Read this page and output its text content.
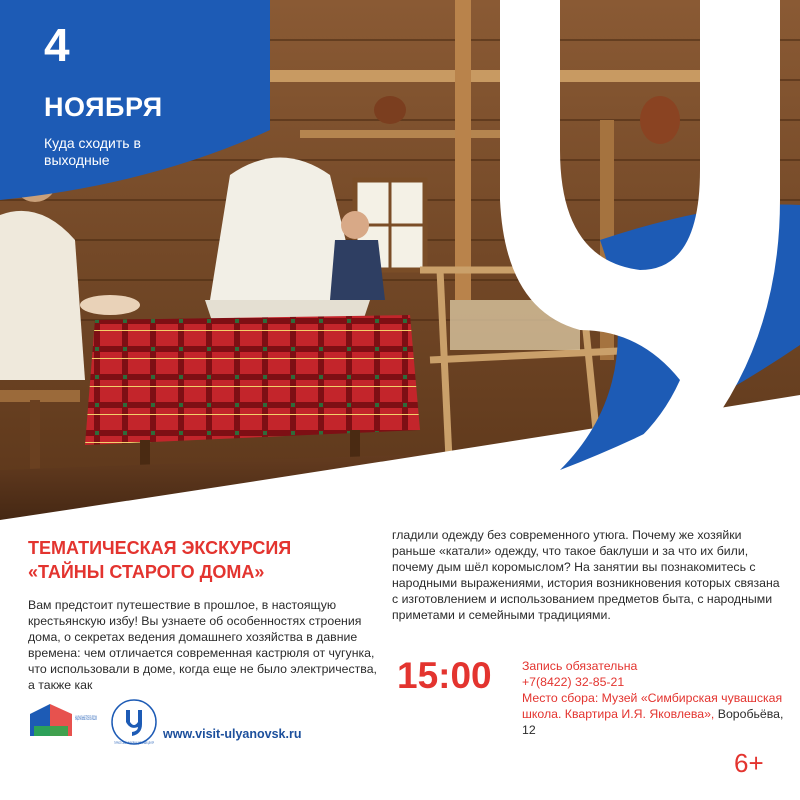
4
НОЯБРЯ
Куда сходить в выходные
ТЕМАТИЧЕСКАЯ ЭКСКУРСИЯ
«ТАЙНЫ СТАРОГО ДОМА»
Вам предстоит путешествие в прошлое, в настоящую крестьянскую избу! Вы узнаете об особенностях строения дома, о секретах ведения домашнего хозяйства в давние времена: чем отличается современная кастрюля от чугунка, что использовали в доме, когда еще не было электричества, а также как
гладили одежду без современного утюга. Почему же хозяйки раньше «катали» одежду, что такое баклуши и за что их били, почему дым шёл коромыслом? На занятии вы познакомитесь с народными выражениями, история возникновения которых связана с изготовлением и использованием предметов быта, с народными приметами и семейными традициями.
15:00 Запись обязательна
+7(8422) 32-85-21
Место сбора: Музей «Симбирская чувашская школа. Квартира И.Я. Яковлева», Воробьёва, 12
НАЦИОНАЛЬНЫЕ ПРОЕКТЫ РОССИИ
ТУРИСТСКИЙ ИНФОРМАЦИОННЫЙ ЦЕНТР
www.visit-ulyanovsk.ru
6+
